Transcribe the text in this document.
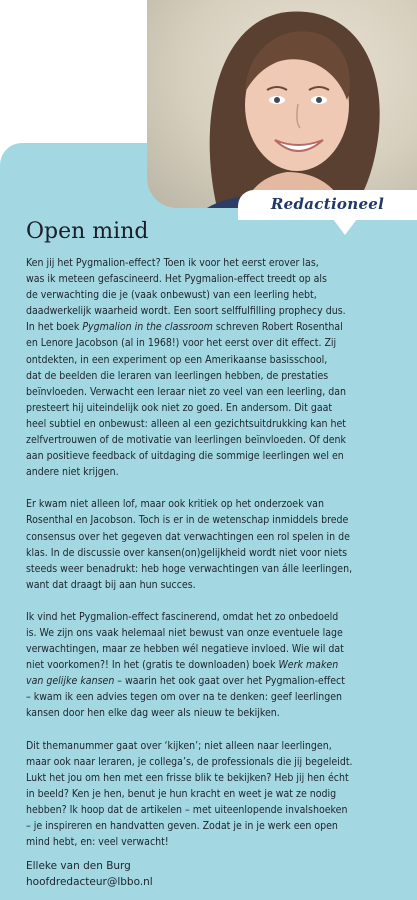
Redactioneel
Open mind
Ken jij het Pygmalion-effect? Toen ik voor het eerst erover las,
was ik meteen gefascineerd. Het Pygmalion-effect treedt op als
de verwachting die je (vaak onbewust) van een leerling hebt,
daadwerkelijk waarheid wordt. Een soort selffulfilling prophecy dus.
In het boek Pygmalion in the classroom schreven Robert Rosenthal
en Lenore Jacobson (al in 1968!) voor het eerst over dit effect. Zij
ontdekten, in een experiment op een Amerikaanse basisschool,
dat de beelden die leraren van leerlingen hebben, de prestaties
beïnvloeden. Verwacht een leraar niet zo veel van een leerling, dan
presteert hij uiteindelijk ook niet zo goed. En andersom. Dit gaat
heel subtiel en onbewust: alleen al een gezichtsuitdrukking kan het
zelfvertrouwen of de motivatie van leerlingen beïnvloeden. Of denk
aan positieve feedback of uitdaging die sommige leerlingen wel en
andere niet krijgen.
Er kwam niet alleen lof, maar ook kritiek op het onderzoek van
Rosenthal en Jacobson. Toch is er in de wetenschap inmiddels brede
consensus over het gegeven dat verwachtingen een rol spelen in de
klas. In de discussie over kansen(on)gelijkheid wordt niet voor niets
steeds weer benadrukt: heb hoge verwachtingen van álle leerlingen,
want dat draagt bij aan hun succes.
Ik vind het Pygmalion-effect fascinerend, omdat het zo onbedoeld
is. We zijn ons vaak helemaal niet bewust van onze eventuele lage
verwachtingen, maar ze hebben wél negatieve invloed. Wie wil dat
niet voorkomen?! In het (gratis te downloaden) boek Werk maken
van gelijke kansen – waarin het ook gaat over het Pygmalion-effect
– kwam ik een advies tegen om over na te denken: geef leerlingen
kansen door hen elke dag weer als nieuw te bekijken.
Dit themanummer gaat over ‘kijken’; niet alleen naar leerlingen,
maar ook naar leraren, je collega’s, de professionals die jij begeleidt.
Lukt het jou om hen met een frisse blik te bekijken? Heb jij hen écht
in beeld? Ken je hen, benut je hun kracht en weet je wat ze nodig
hebben? Ik hoop dat de artikelen – met uiteenlopende invalshoeken
– je inspireren en handvatten geven. Zodat je in je werk een open
mind hebt, en: veel verwacht!
Elleke van den Burg
hoofdredacteur@lbbo.nl
